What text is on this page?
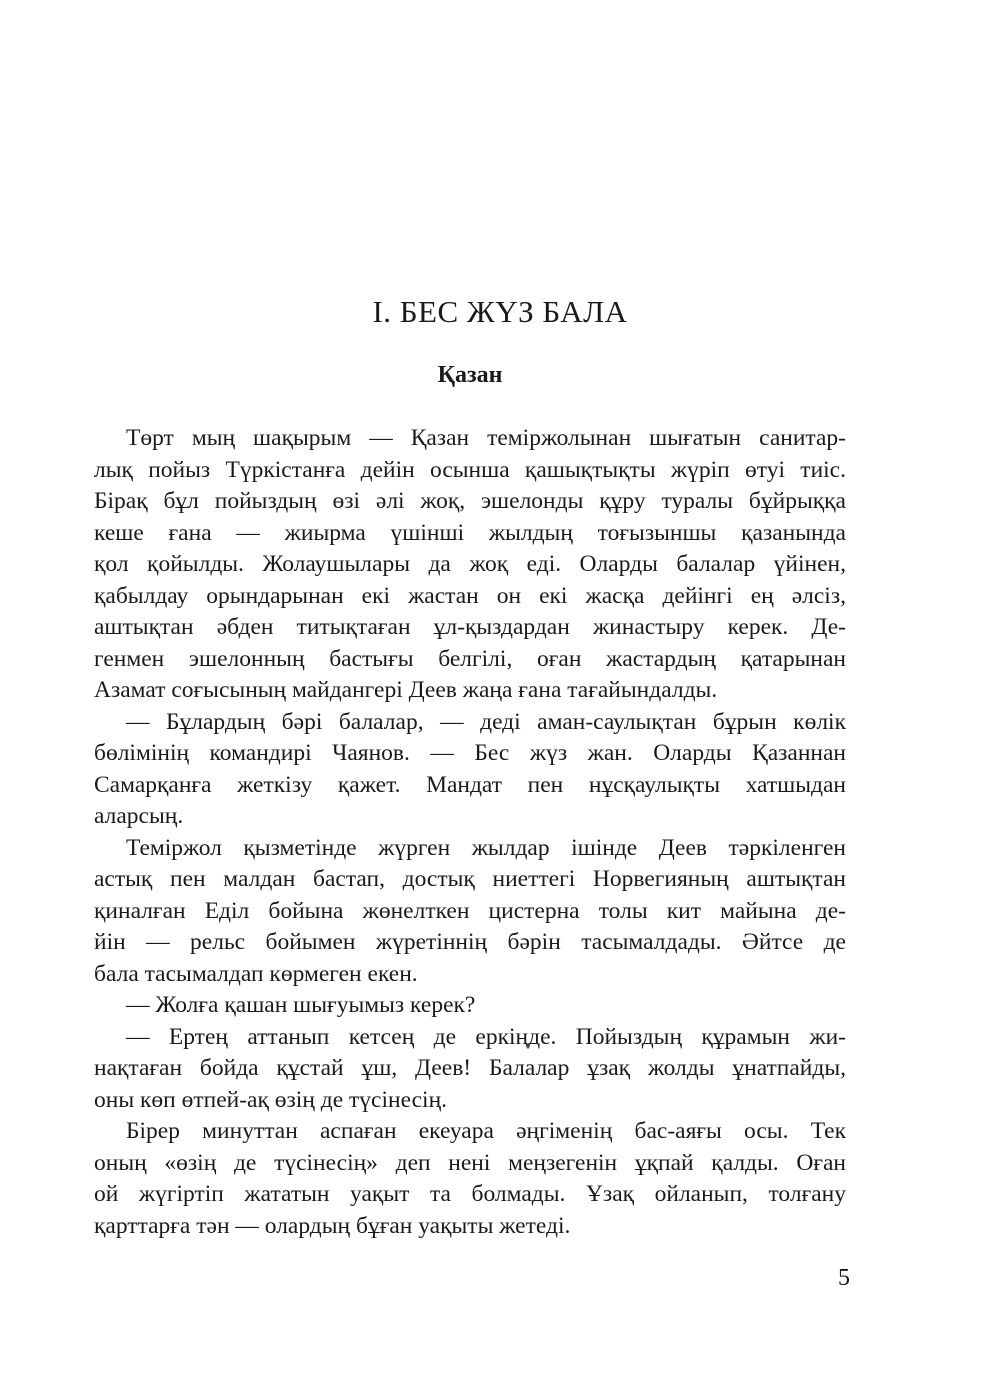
I. БЕС ЖҮЗ БАЛА
Қазан
Төрт мың шақырым — Қазан теміржолынан шығатын санитар-
лық пойыз Түркістанға дейін осынша қашықтықты жүріп өтуі тиіс.
Бірақ бұл пойыздың өзі әлі жоқ, эшелонды құру туралы бұйрыққа
кеше ғана — жиырма үшінші жылдың тоғызыншы қазанында
қол қойылды. Жолаушылары да жоқ еді. Оларды балалар үйінен,
қабылдау орындарынан екі жастан он екі жасқа дейінгі ең әлсіз,
аштықтан әбден титықтаған ұл-қыздардан жинастыру керек. Де-
генмен эшелонның бастығы белгілі, оған жастардың қатарынан
Азамат соғысының майдангері Деев жаңа ғана тағайындалды.
— Бұлардың бәрі балалар, — деді аман-саулықтан бұрын көлік
бөлімінің командирі Чаянов. — Бес жүз жан. Оларды Қазаннан
Самарқанға жеткізу қажет. Мандат пен нұсқаулықты хатшыдан
аларсың.
Теміржол қызметінде жүрген жылдар ішінде Деев тәркіленген
астық пен малдан бастап, достық ниеттегі Норвегияның аштықтан
қиналған Еділ бойына жөнелткен цистерна толы кит майына де-
йін — рельс бойымен жүретіннің бәрін тасымалдады. Әйтсе де
бала тасымалдап көрмеген екен.
— Жолға қашан шығуымыз керек?
— Ертең аттанып кетсең де еркіңде. Пойыздың құрамын жи-
нақтаған бойда құстай ұш, Деев! Балалар ұзақ жолды ұнатпайды,
оны көп өтпей-ақ өзің де түсінесің.
Бірер минуттан аспаған екеуара әңгіменің бас-аяғы осы. Тек
оның «өзің де түсінесің» деп нені меңзегенін ұқпай қалды. Оған
ой жүгіртіп жататын уақыт та болмады. Ұзақ ойланып, толғану
қарттарға тән — олардың бұған уақыты жетеді.
5
